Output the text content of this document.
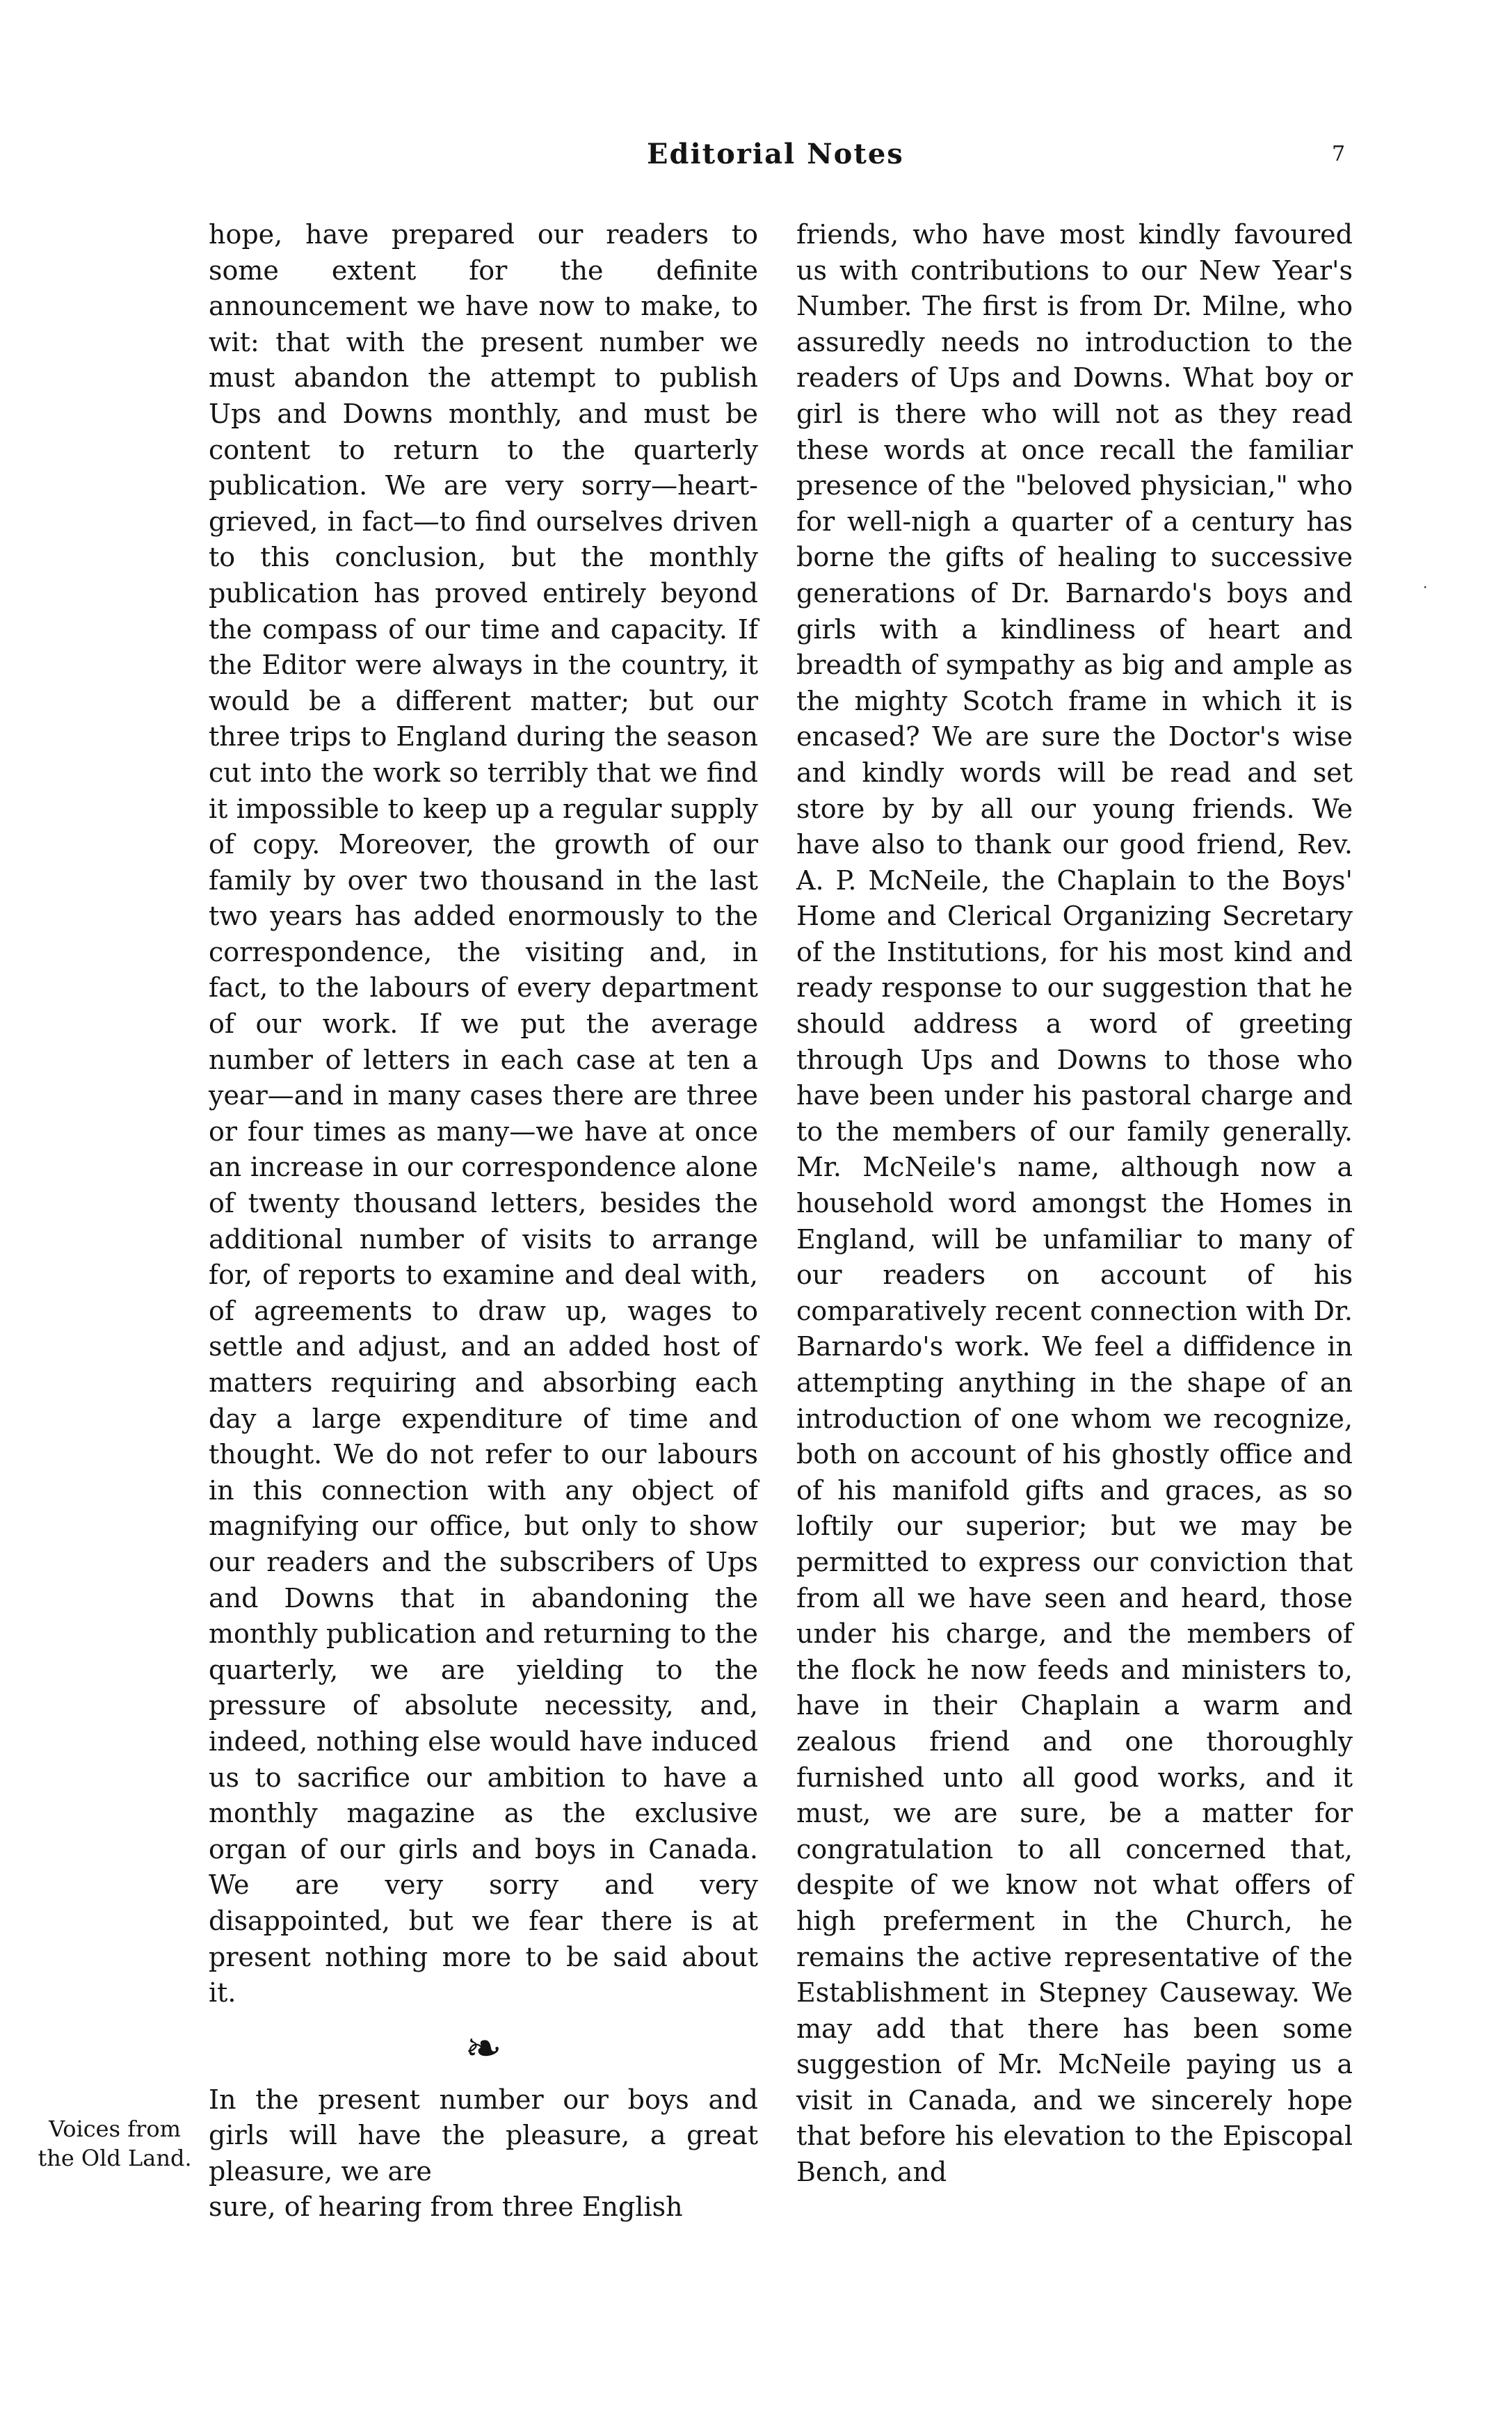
Editorial Notes	7
·

hope, have prepared our readers to some extent for the definite announcement we have now to make, to wit: that with the present number we must abandon the attempt to publish Ups and Downs monthly, and must be content to return to the quarterly publication. We are very sorry—heart-grieved, in fact—to find ourselves driven to this conclusion, but the monthly publication has proved entirely beyond the compass of our time and capacity. If the Editor were always in the country, it would be a different matter; but our three trips to England during the season cut into the work so terribly that we find it impossible to keep up a regular supply of copy. Moreover, the growth of our family by over two thousand in the last two years has added enormously to the correspondence, the visiting and, in fact, to the labours of every department of our work. If we put the average number of letters in each case at ten a year—and in many cases there are three or four times as many—we have at once an increase in our correspondence alone of twenty thousand letters, besides the additional number of visits to arrange for, of reports to examine and deal with, of agreements to draw up, wages to settle and adjust, and an added host of matters requiring and absorbing each day a large expenditure of time and thought. We do not refer to our labours in this connection with any object of magnifying our office, but only to show our readers and the subscribers of Ups and Downs that in abandoning the monthly publication and returning to the quarterly, we are yielding to the pressure of absolute necessity, and, indeed, nothing else would have induced us to sacrifice our ambition to have a monthly magazine as the exclusive organ of our girls and boys in Canada. We are very sorry and very disappointed, but we fear there is at present nothing more to be said about it.

❧
Voices from the Old Land.

In the present number our boys and girls will have the pleasure, a great pleasure, we are

sure, of hearing from three English

friends, who have most kindly favoured us with contributions to our New Year's Number. The first is from Dr. Milne, who assuredly needs no introduction to the readers of Ups and Downs. What boy or girl is there who will not as they read these words at once recall the familiar presence of the "beloved physician," who for well-nigh a quarter of a century has borne the gifts of healing to successive generations of Dr. Barnardo's boys and girls with a kindliness of heart and breadth of sympathy as big and ample as the mighty Scotch frame in which it is encased? We are sure the Doctor's wise and kindly words will be read and set store by by all our young friends. We have also to thank our good friend, Rev. A. P. McNeile, the Chaplain to the Boys' Home and Clerical Organizing Secretary of the Institutions, for his most kind and ready response to our suggestion that he should address a word of greeting through Ups and Downs to those who have been under his pastoral charge and to the members of our family generally. Mr. McNeile's name, although now a household word amongst the Homes in England, will be unfamiliar to many of our readers on account of his comparatively recent connection with Dr. Barnardo's work. We feel a diffidence in attempting anything in the shape of an introduction of one whom we recognize, both on account of his ghostly office and of his manifold gifts and graces, as so loftily our superior; but we may be permitted to express our conviction that from all we have seen and heard, those under his charge, and the members of the flock he now feeds and ministers to, have in their Chaplain a warm and zealous friend and one thoroughly furnished unto all good works, and it must, we are sure, be a matter for congratulation to all concerned that, despite of we know not what offers of high preferment in the Church, he remains the active representative of the Establishment in Stepney Causeway. We may add that there has been some suggestion of Mr. McNeile paying us a visit in Canada, and we sincerely hope that before his elevation to the Episcopal Bench, and
